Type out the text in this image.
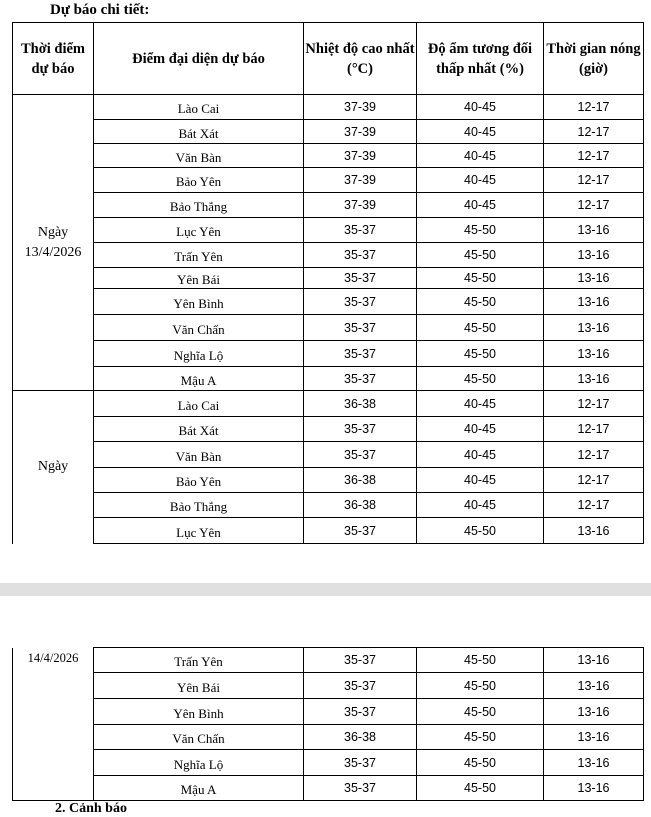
Dự báo chi tiết:
Thời điểm dự báo	Điểm đại diện dự báo	Nhiệt độ cao nhất (°C)	Độ ẩm tương đối thấp nhất (%)	Thời gian nóng (giờ)
Ngày 13/4/2026	Lào Cai	37-39	40-45	12-17
	Bát Xát	37-39	40-45	12-17
	Văn Bàn	37-39	40-45	12-17
	Bảo Yên	37-39	40-45	12-17
	Bảo Thắng	37-39	40-45	12-17
	Lục Yên	35-37	45-50	13-16
	Trấn Yên	35-37	45-50	13-16
	Yên Bái	35-37	45-50	13-16
	Yên Bình	35-37	45-50	13-16
	Văn Chấn	35-37	45-50	13-16
	Nghĩa Lộ	35-37	45-50	13-16
	Mậu A	35-37	45-50	13-16
Ngày	Lào Cai	36-38	40-45	12-17
	Bát Xát	35-37	40-45	12-17
	Văn Bàn	35-37	40-45	12-17
	Bảo Yên	36-38	40-45	12-17
	Bảo Thắng	36-38	40-45	12-17
	Lục Yên	35-37	45-50	13-16
14/4/2026	Trấn Yên	35-37	45-50	13-16
	Yên Bái	35-37	45-50	13-16
	Yên Bình	35-37	45-50	13-16
	Văn Chấn	36-38	45-50	13-16
	Nghĩa Lộ	35-37	45-50	13-16
	Mậu A	35-37	45-50	13-16
2. Cảnh báo
